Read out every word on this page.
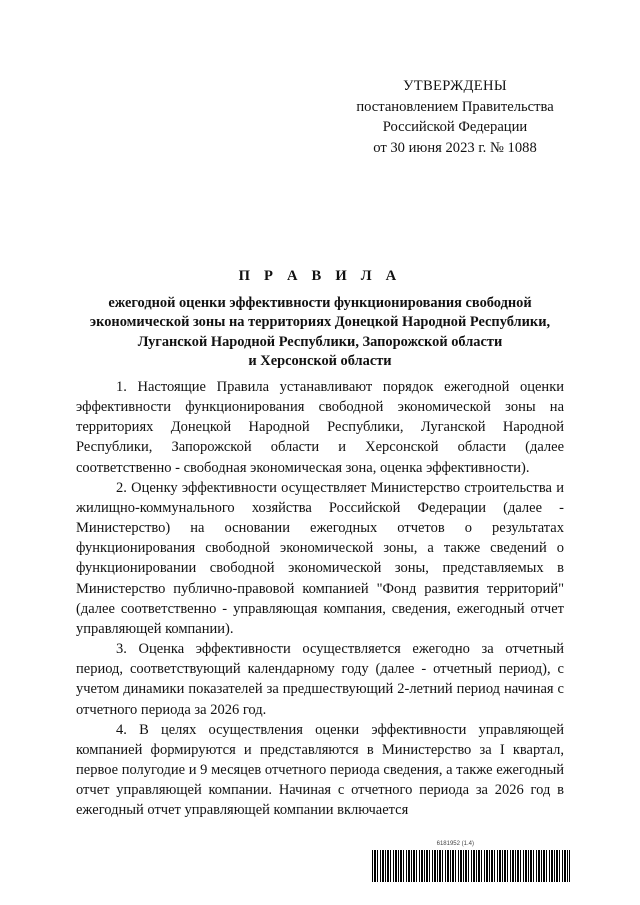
УТВЕРЖДЕНЫ
постановлением Правительства
Российской Федерации
от 30 июня 2023 г. № 1088
П Р А В И Л А
ежегодной оценки эффективности функционирования свободной
экономической зоны на территориях Донецкой Народной Республики,
Луганской Народной Республики, Запорожской области
и Херсонской области

1. Настоящие Правила устанавливают порядок ежегодной оценки эффективности функционирования свободной экономической зоны на территориях Донецкой Народной Республики, Луганской Народной Республики, Запорожской области и Херсонской области (далее соответственно - свободная экономическая зона, оценка эффективности).

2. Оценку эффективности осуществляет Министерство строительства и жилищно-коммунального хозяйства Российской Федерации (далее - Министерство) на основании ежегодных отчетов о результатах функционирования свободной экономической зоны, а также сведений о функционировании свободной экономической зоны, представляемых в Министерство публично-правовой компанией "Фонд развития территорий" (далее соответственно - управляющая компания, сведения, ежегодный отчет управляющей компании).

3. Оценка эффективности осуществляется ежегодно за отчетный период, соответствующий календарному году (далее - отчетный период), с учетом динамики показателей за предшествующий 2-летний период начиная с отчетного периода за 2026 год.

4. В целях осуществления оценки эффективности управляющей компанией формируются и представляются в Министерство за I квартал, первое полугодие и 9 месяцев отчетного периода сведения, а также ежегодный отчет управляющей компании. Начиная с отчетного периода за 2026 год в ежегодный отчет управляющей компании включается

6181952 (1.4)
